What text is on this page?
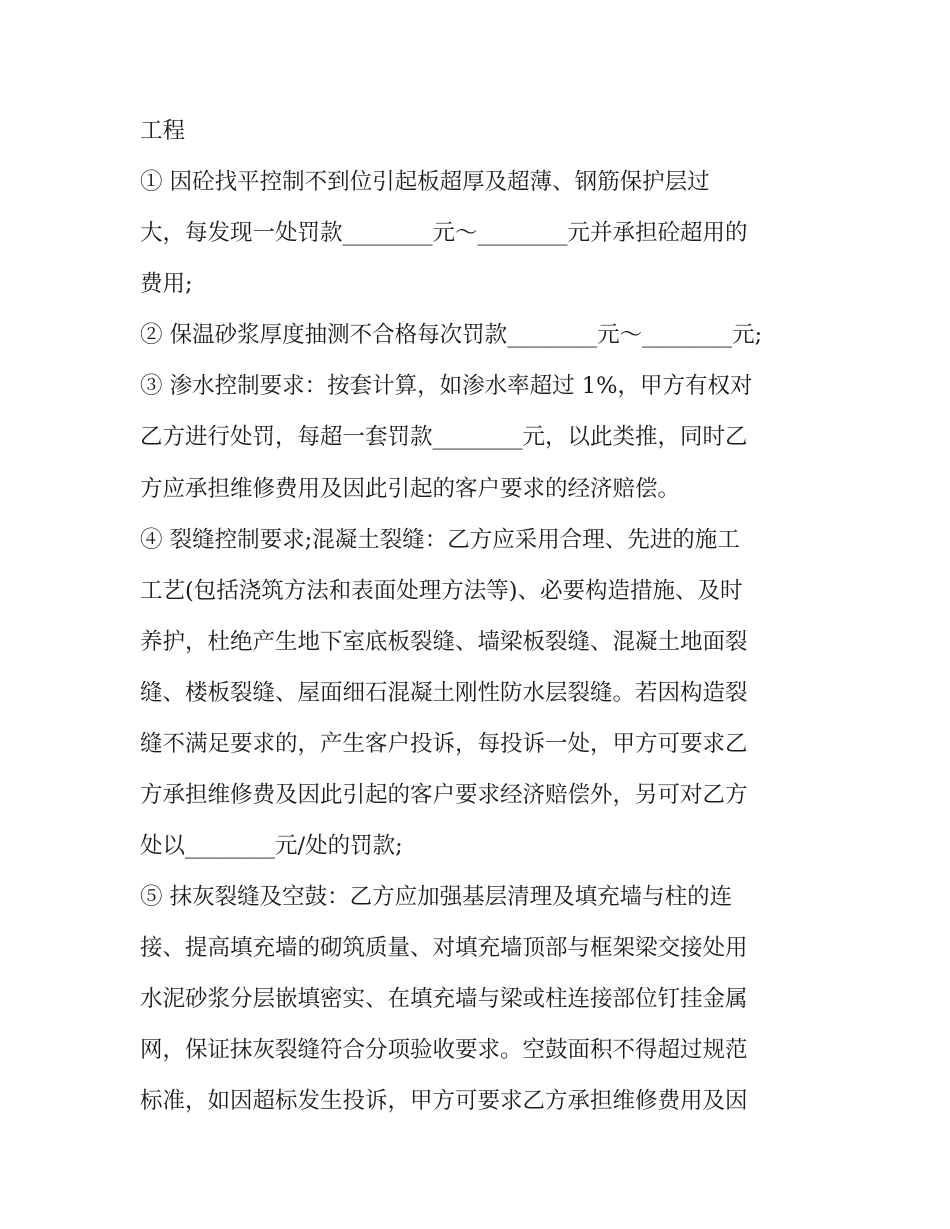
工程
① 因砼找平控制不到位引起板超厚及超薄、钢筋保护层过
大，每发现一处罚款________元～________元并承担砼超用的
费用;
② 保温砂浆厚度抽测不合格每次罚款________元～________元;
③ 渗水控制要求：按套计算，如渗水率超过 1%，甲方有权对
乙方进行处罚，每超一套罚款________元，以此类推，同时乙
方应承担维修费用及因此引起的客户要求的经济赔偿。
④ 裂缝控制要求;混凝土裂缝：乙方应采用合理、先进的施工
工艺(包括浇筑方法和表面处理方法等)、必要构造措施、及时
养护，杜绝产生地下室底板裂缝、墙梁板裂缝、混凝土地面裂
缝、楼板裂缝、屋面细石混凝土刚性防水层裂缝。若因构造裂
缝不满足要求的，产生客户投诉，每投诉一处，甲方可要求乙
方承担维修费及因此引起的客户要求经济赔偿外，另可对乙方
处以________元/处的罚款;
⑤ 抹灰裂缝及空鼓：乙方应加强基层清理及填充墙与柱的连
接、提高填充墙的砌筑质量、对填充墙顶部与框架梁交接处用
水泥砂浆分层嵌填密实、在填充墙与梁或柱连接部位钉挂金属
网，保证抹灰裂缝符合分项验收要求。空鼓面积不得超过规范
标准，如因超标发生投诉，甲方可要求乙方承担维修费用及因
